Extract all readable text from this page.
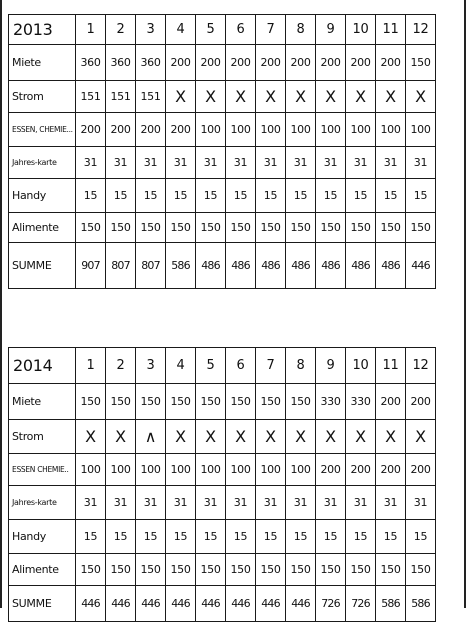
2013	1	2	3	4	5	6	7	8	9	10	11	12
Miete	360	360	360	200	200	200	200	200	200	200	200	150
Strom	151	151	151	X	X	X	X	X	X	X	X	X
ESSEN, CHEMIE...	200	200	200	200	100	100	100	100	100	100	100	100
Jahres-karte	31	31	31	31	31	31	31	31	31	31	31	31
Handy	15	15	15	15	15	15	15	15	15	15	15	15
Alimente	150	150	150	150	150	150	150	150	150	150	150	150
SUMME	907	807	807	586	486	486	486	486	486	486	486	446
2014	1	2	3	4	5	6	7	8	9	10	11	12
Miete	150	150	150	150	150	150	150	150	330	330	200	200
Strom	X	X	∧	X	X	X	X	X	X	X	X	X
ESSEN CHEMIE..	100	100	100	100	100	100	100	100	200	200	200	200
Jahres-karte	31	31	31	31	31	31	31	31	31	31	31	31
Handy	15	15	15	15	15	15	15	15	15	15	15	15
Alimente	150	150	150	150	150	150	150	150	150	150	150	150
SUMME	446	446	446	446	446	446	446	446	726	726	586	586
